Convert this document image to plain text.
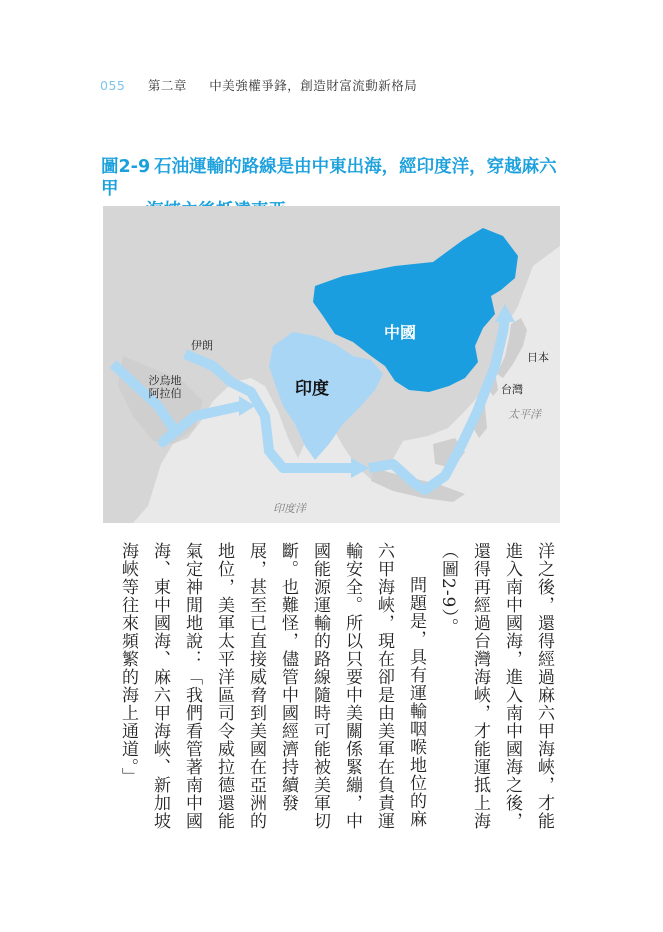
055 第二章 中美強權爭鋒，創造財富流動新格局
圖2-9 石油運輸的路線是由中東出海，經印度洋，穿越麻六甲
中國
印度
伊朗
沙烏地阿拉伯
日本
台灣
太平洋
印度洋

洋之後，還得經過麻六甲海峽，才能進入南中國海，進入南中國海之後，還得再經過台灣海峽，才能運抵上海（圖2-9）。

問題是，具有運輸咽喉地位的麻六甲海峽，現在卻是由美軍在負責運輸安全。所以只要中美關係緊繃，中國能源運輸的路線隨時可能被美軍切斷。也難怪，儘管中國經濟持續發展，甚至已直接威脅到美國在亞洲的地位，美軍太平洋區司令威拉德還能氣定神閒地說：「我們看管著南中國海、東中國海、麻六甲海峽、新加坡海峽等往來頻繁的海上通道。」
